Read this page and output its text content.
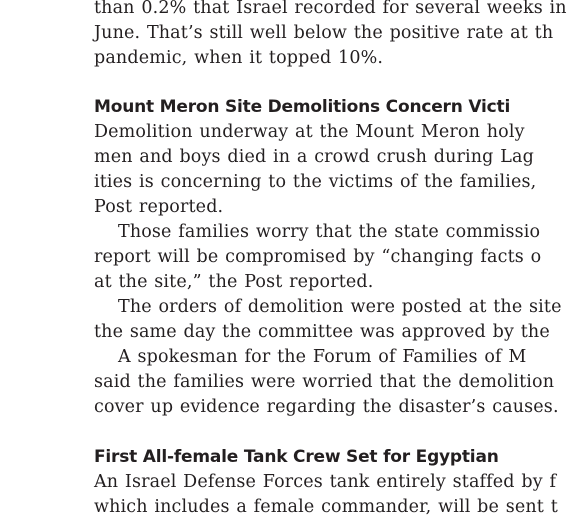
than 0.2% that Israel recorded for several weeks in
June. That’s still well below the positive rate at th
pandemic, when it topped 10%.
Mount Meron Site Demolitions Concern Victi
Demolition underway at the Mount Meron holy
men and boys died in a crowd crush during Lag
ities is concerning to the victims of the families,
Post reported.
Those families worry that the state commissio
report will be compromised by “changing facts o
at the site,” the Post reported.
The orders of demolition were posted at the site
the same day the committee was approved by the
A spokesman for the Forum of Families of M
said the families were worried that the demolition
cover up evidence regarding the disaster’s causes.
First All-female Tank Crew Set for Egyptian
An Israel Defense Forces tank entirely staffed by f
which includes a female commander, will be sent t
